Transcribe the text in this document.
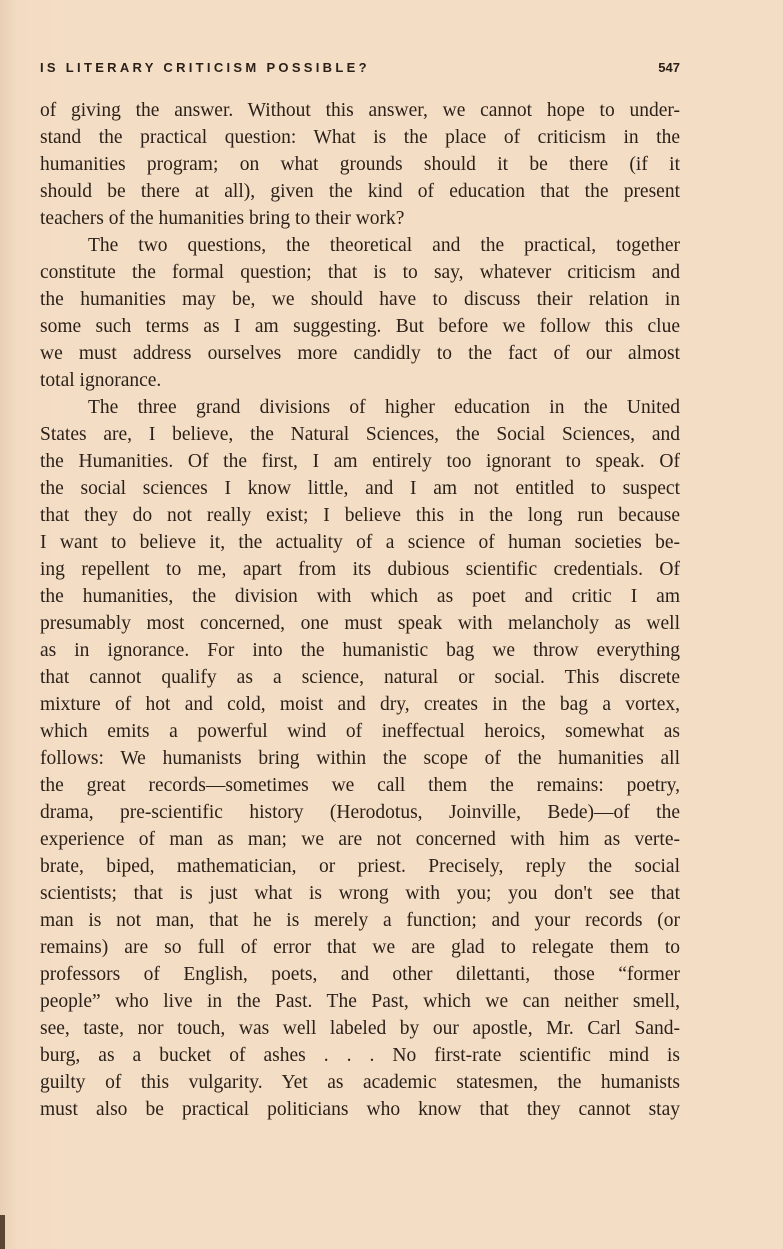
IS LITERARY CRITICISM POSSIBLE?	547
of giving the answer. Without this answer, we cannot hope to under-
stand the practical question: What is the place of criticism in the
humanities program; on what grounds should it be there (if it
should be there at all), given the kind of education that the present
teachers of the humanities bring to their work?
The two questions, the theoretical and the practical, together
constitute the formal question; that is to say, whatever criticism and
the humanities may be, we should have to discuss their relation in
some such terms as I am suggesting. But before we follow this clue
we must address ourselves more candidly to the fact of our almost
total ignorance.
The three grand divisions of higher education in the United
States are, I believe, the Natural Sciences, the Social Sciences, and
the Humanities. Of the first, I am entirely too ignorant to speak. Of
the social sciences I know little, and I am not entitled to suspect
that they do not really exist; I believe this in the long run because
I want to believe it, the actuality of a science of human societies be-
ing repellent to me, apart from its dubious scientific credentials. Of
the humanities, the division with which as poet and critic I am
presumably most concerned, one must speak with melancholy as well
as in ignorance. For into the humanistic bag we throw everything
that cannot qualify as a science, natural or social. This discrete
mixture of hot and cold, moist and dry, creates in the bag a vortex,
which emits a powerful wind of ineffectual heroics, somewhat as
follows: We humanists bring within the scope of the humanities all
the great records—sometimes we call them the remains: poetry,
drama, pre-scientific history (Herodotus, Joinville, Bede)—of the
experience of man as man; we are not concerned with him as verte-
brate, biped, mathematician, or priest. Precisely, reply the social
scientists; that is just what is wrong with you; you don't see that
man is not man, that he is merely a function; and your records (or
remains) are so full of error that we are glad to relegate them to
professors of English, poets, and other dilettanti, those “former
people” who live in the Past. The Past, which we can neither smell,
see, taste, nor touch, was well labeled by our apostle, Mr. Carl Sand-
burg, as a bucket of ashes . . . No first-rate scientific mind is
guilty of this vulgarity. Yet as academic statesmen, the humanists
must also be practical politicians who know that they cannot stay
